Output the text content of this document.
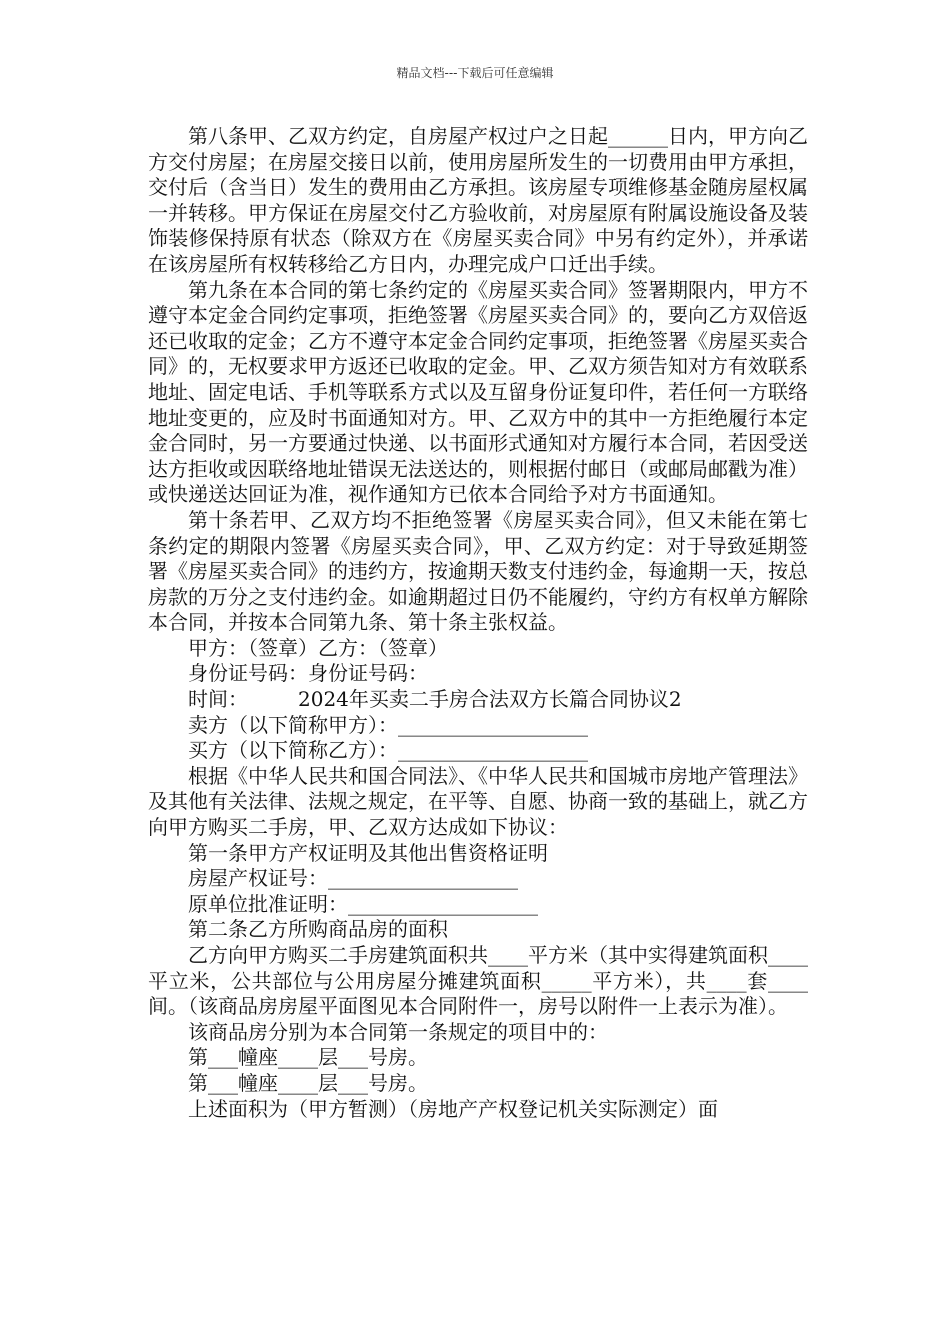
精品文档---下载后可任意编辑

第八条甲、乙双方约定，自房屋产权过户之日起______日内，甲方向乙方交付房屋；在房屋交接日以前，使用房屋所发生的一切费用由甲方承担，交付后（含当日）发生的费用由乙方承担。该房屋专项维修基金随房屋权属一并转移。甲方保证在房屋交付乙方验收前，对房屋原有附属设施设备及装饰装修保持原有状态（除双方在《房屋买卖合同》中另有约定外），并承诺在该房屋所有权转移给乙方日内，办理完成户口迁出手续。

第九条在本合同的第七条约定的《房屋买卖合同》签署期限内，甲方不遵守本定金合同约定事项，拒绝签署《房屋买卖合同》的，要向乙方双倍返还已收取的定金；乙方不遵守本定金合同约定事项，拒绝签署《房屋买卖合同》的，无权要求甲方返还已收取的定金。甲、乙双方须告知对方有效联系地址、固定电话、手机等联系方式以及互留身份证复印件，若任何一方联络地址变更的，应及时书面通知对方。甲、乙双方中的其中一方拒绝履行本定金合同时，另一方要通过快递、以书面形式通知对方履行本合同，若因受送达方拒收或因联络地址错误无法送达的，则根据付邮日（或邮局邮戳为准）或快递送达回证为准，视作通知方已依本合同给予对方书面通知。

第十条若甲、乙双方均不拒绝签署《房屋买卖合同》，但又未能在第七条约定的期限内签署《房屋买卖合同》，甲、乙双方约定：对于导致延期签署《房屋买卖合同》的违约方，按逾期天数支付违约金，每逾期一天，按总房款的万分之支付违约金。如逾期超过日仍不能履约，守约方有权单方解除本合同，并按本合同第九条、第十条主张权益。

甲方：（签章）乙方：（签章）

身份证号码：身份证号码：

时间：　　　2024年买卖二手房合法双方长篇合同协议2

卖方（以下简称甲方）：___________________

买方（以下简称乙方）：___________________

根据《中华人民共和国合同法》、《中华人民共和国城市房地产管理法》及其他有关法律、法规之规定，在平等、自愿、协商一致的基础上，就乙方向甲方购买二手房，甲、乙双方达成如下协议：

第一条甲方产权证明及其他出售资格证明

房屋产权证号：___________________

原单位批准证明：___________________

第二条乙方所购商品房的面积

乙方向甲方购买二手房建筑面积共____平方米（其中实得建筑面积____平立米，公共部位与公用房屋分摊建筑面积_____平方米），共____套____间。（该商品房房屋平面图见本合同附件一，房号以附件一上表示为准）。

该商品房分别为本合同第一条规定的项目中的：

第___幢座____层___号房。

第___幢座____层___号房。

上述面积为（甲方暂测）（房地产产权登记机关实际测定）面
